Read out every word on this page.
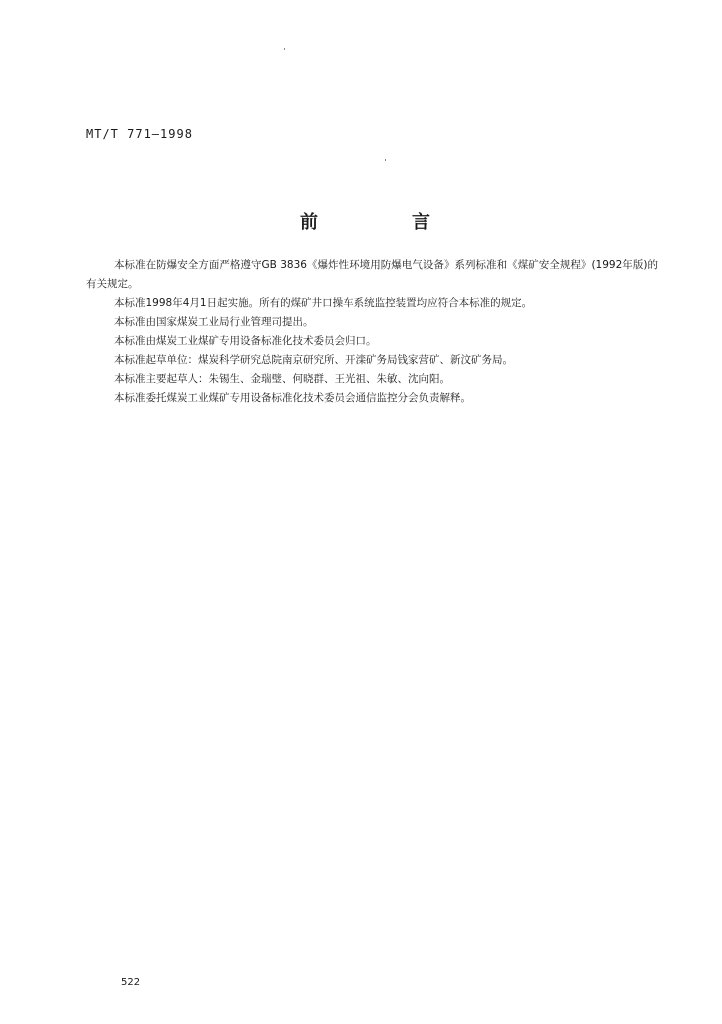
MT/T 771—1998
前	言

本标准在防爆安全方面严格遵守GB 3836《爆炸性环境用防爆电气设备》系列标准和《煤矿安全规程》(1992年版)的有关规定。

本标准1998年4月1日起实施。所有的煤矿井口操车系统监控装置均应符合本标准的规定。

本标准由国家煤炭工业局行业管理司提出。

本标准由煤炭工业煤矿专用设备标准化技术委员会归口。

本标准起草单位：煤炭科学研究总院南京研究所、开滦矿务局钱家营矿、新汶矿务局。

本标准主要起草人：朱锡生、金瑞璧、何晓群、王光祖、朱敏、沈向阳。

本标准委托煤炭工业煤矿专用设备标准化技术委员会通信监控分会负责解释。

522
